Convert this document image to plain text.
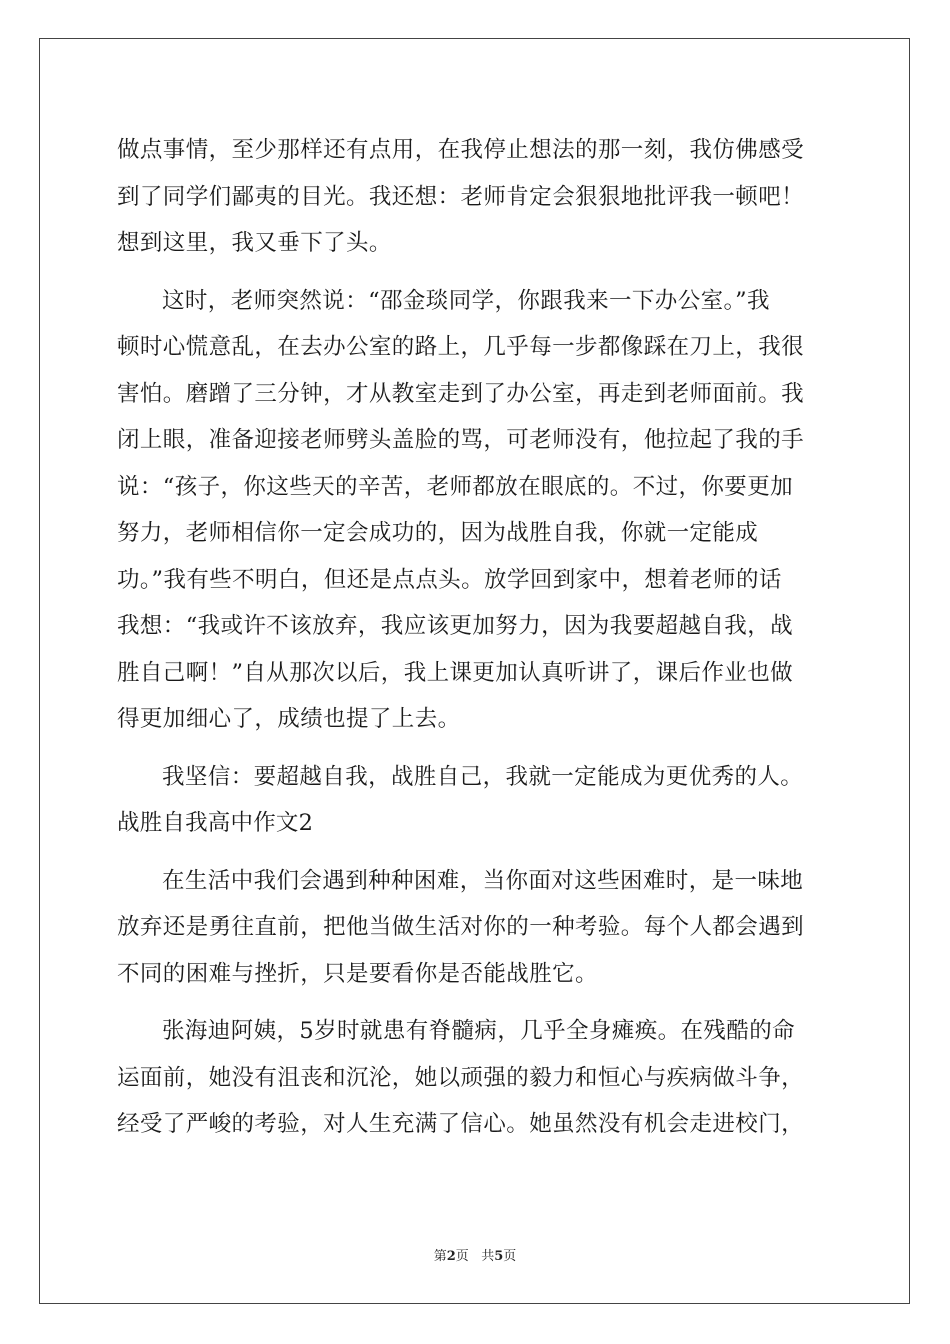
做点事情，至少那样还有点用，在我停止想法的那一刻，我仿佛感受

到了同学们鄙夷的目光。我还想：老师肯定会狠狠地批评我一顿吧！

想到这里，我又垂下了头。

这时，老师突然说：“邵金琰同学，你跟我来一下办公室。”我

顿时心慌意乱，在去办公室的路上，几乎每一步都像踩在刀上，我很

害怕。磨蹭了三分钟，才从教室走到了办公室，再走到老师面前。我

闭上眼，准备迎接老师劈头盖脸的骂，可老师没有，他拉起了我的手

说：“孩子，你这些天的辛苦，老师都放在眼底的。不过，你要更加

努力，老师相信你一定会成功的，因为战胜自我，你就一定能成

功。”我有些不明白，但还是点点头。放学回到家中，想着老师的话

我想：“我或许不该放弃，我应该更加努力，因为我要超越自我，战

胜自己啊！”自从那次以后，我上课更加认真听讲了，课后作业也做

得更加细心了，成绩也提了上去。

我坚信：要超越自我，战胜自己，我就一定能成为更优秀的人。

战胜自我高中作文2

在生活中我们会遇到种种困难，当你面对这些困难时，是一味地

放弃还是勇往直前，把他当做生活对你的一种考验。每个人都会遇到

不同的困难与挫折，只是要看你是否能战胜它。

张海迪阿姨，5岁时就患有脊髓病，几乎全身瘫痪。在残酷的命

运面前，她没有沮丧和沉沦，她以顽强的毅力和恒心与疾病做斗争，

经受了严峻的考验，对人生充满了信心。她虽然没有机会走进校门，

第2页 共5页
